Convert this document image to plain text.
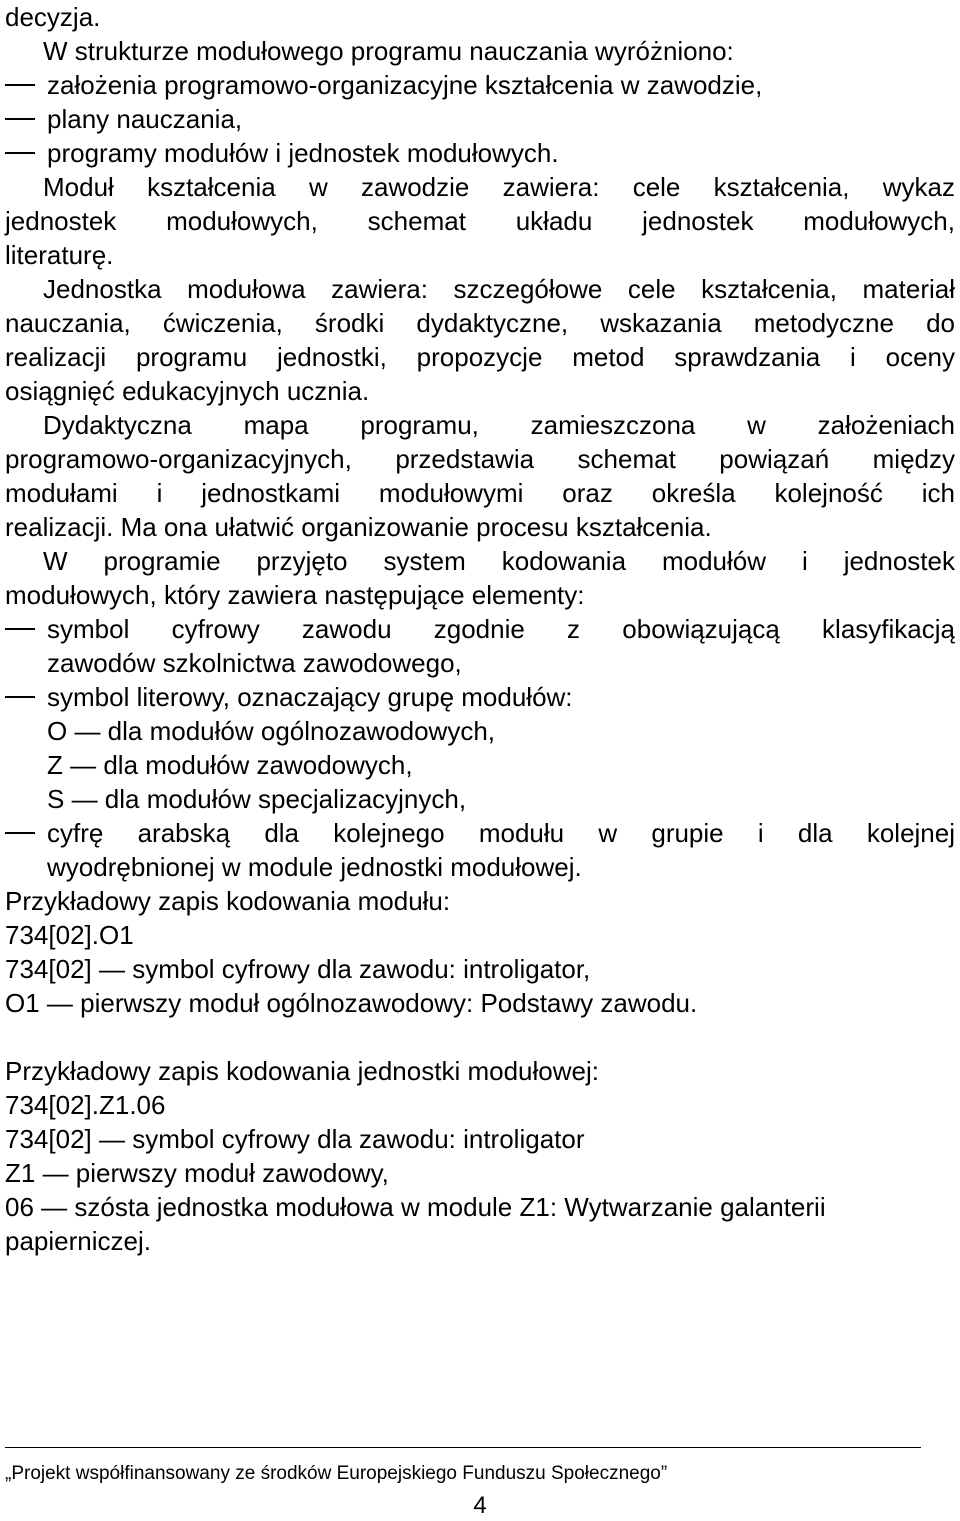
decyzja.
W strukturze modułowego programu nauczania wyróżniono:
założenia programowo-organizacyjne kształcenia w zawodzie,
plany nauczania,
programy modułów i jednostek modułowych.
Moduł kształcenia w zawodzie zawiera: cele kształcenia, wykaz
jednostek modułowych, schemat układu jednostek modułowych,
literaturę.
Jednostka modułowa zawiera: szczegółowe cele kształcenia, materiał
nauczania, ćwiczenia, środki dydaktyczne, wskazania metodyczne do
realizacji programu jednostki, propozycje metod sprawdzania i oceny
osiągnięć edukacyjnych ucznia.
Dydaktyczna mapa programu, zamieszczona w założeniach
programowo-organizacyjnych, przedstawia schemat powiązań między
modułami i jednostkami modułowymi oraz określa kolejność ich
realizacji. Ma ona ułatwić organizowanie procesu kształcenia.
W programie przyjęto system kodowania modułów i jednostek
modułowych, który zawiera następujące elementy:
symbol cyfrowy zawodu zgodnie z obowiązującą klasyfikacją
zawodów szkolnictwa zawodowego,
symbol literowy, oznaczający grupę modułów:
O — dla modułów ogólnozawodowych,
Z — dla modułów zawodowych,
S — dla modułów specjalizacyjnych,
cyfrę arabską dla kolejnego modułu w grupie i dla kolejnej
wyodrębnionej w module jednostki modułowej.
Przykładowy zapis kodowania modułu:
734[02].O1
734[02] — symbol cyfrowy dla zawodu: introligator,
O1 — pierwszy moduł ogólnozawodowy: Podstawy zawodu.
Przykładowy zapis kodowania jednostki modułowej:
734[02].Z1.06
734[02] — symbol cyfrowy dla zawodu: introligator
Z1 — pierwszy moduł zawodowy,
06 — szósta jednostka modułowa w module Z1: Wytwarzanie galanterii
papierniczej.
„Projekt współfinansowany ze środków Europejskiego Funduszu Społecznego”
4
